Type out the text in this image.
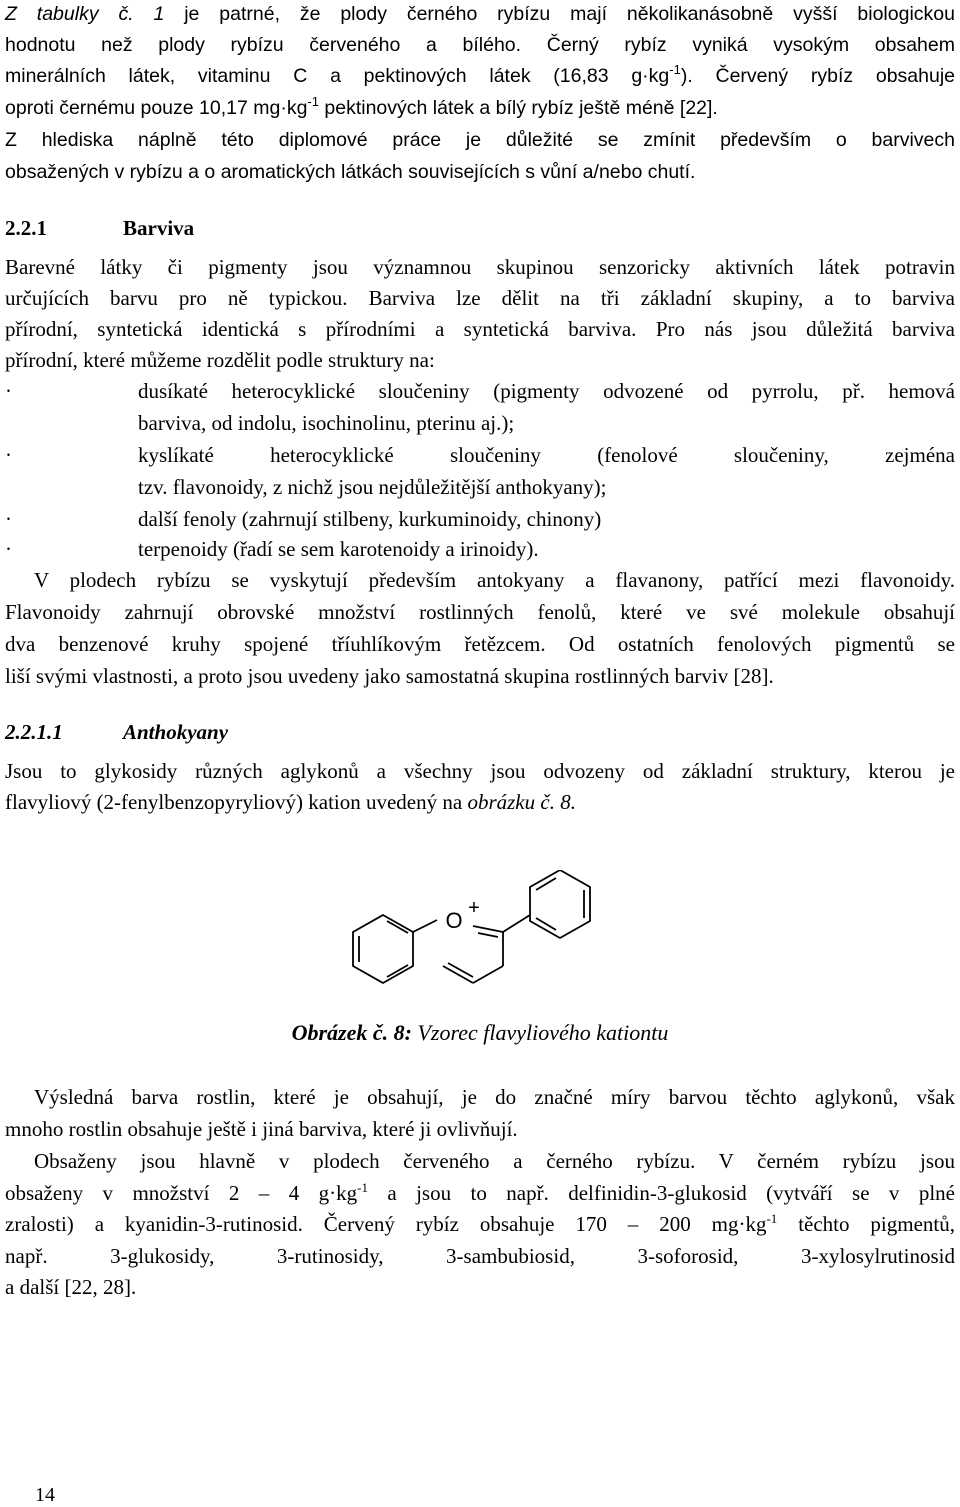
Z tabulky č. 1 je patrné, že plody černého rybízu mají několikanásobně vyšší biologickou
hodnotu než plody rybízu červeného a bílého. Černý rybíz vyniká vysokým obsahem
minerálních látek, vitaminu C a pektinových látek (16,83 $g\cdot kg^{-1}$). Červený rybíz obsahuje
oproti černému pouze 10,17 $mg\cdot kg^{-1}$ pektinových látek a bílý rybíz ještě méně [22].
Z hlediska náplně této diplomové práce je důležité se zmínit především o barvivech
obsažených v rybízu a o aromatických látkách souvisejících s vůní a/nebo chutí.
2.2.1	Barviva
Barevné látky či pigmenty jsou významnou skupinou senzoricky aktivních látek potravin
určujících barvu pro ně typickou. Barviva lze dělit na tři základní skupiny, a to barviva
přírodní, syntetická identická s přírodními a syntetická barviva. Pro nás jsou důležitá barviva
přírodní, které můžeme rozdělit podle struktury na:
·	dusíkaté heterocyklické sloučeniny (pigmenty odvozené od pyrrolu, př. hemová
barviva, od indolu, isochinolinu, pterinu aj.);
·	kyslíkaté heterocyklické sloučeniny (fenolové sloučeniny, zejména
tzv. flavonoidy, z nichž jsou nejdůležitější anthokyany);
·	další fenoly (zahrnují stilbeny, kurkuminoidy, chinony)
·	terpenoidy (řadí se sem karotenoidy a irinoidy).
V plodech rybízu se vyskytují především antokyany a flavanony, patřící mezi flavonoidy.
Flavonoidy zahrnují obrovské množství rostlinných fenolů, které ve své molekule obsahují
dva benzenové kruhy spojené tříuhlíkovým řetězcem. Od ostatních fenolových pigmentů se
liší svými vlastnosti, a proto jsou uvedeny jako samostatná skupina rostlinných barviv [28].
2.2.1.1	Anthokyany
Jsou to glykosidy různých aglykonů a všechny jsou odvozeny od základní struktury, kterou je
flavyliový (2-fenylbenzopyryliový) kation uvedený na obrázku č. 8.
O +
Obrázek č. 8: Vzorec flavyliového kationtu
Výsledná barva rostlin, které je obsahují, je do značné míry barvou těchto aglykonů, však
mnoho rostlin obsahuje ještě i jiná barviva, které ji ovlivňují.
Obsaženy jsou hlavně v plodech červeného a černého rybízu. V černém rybízu jsou
obsaženy v množství 2 – 4 $g\cdot kg^{-1}$ a jsou to např. delfinidin-3-glukosid (vytváří se v plné
zralosti) a kyanidin-3-rutinosid. Červený rybíz obsahuje 170 – 200 $mg\cdot kg^{-1}$ těchto pigmentů,
např. 3-glukosidy, 3-rutinosidy, 3-sambubiosid, 3-soforosid, 3-xylosylrutinosid
a další [22, 28].
14
